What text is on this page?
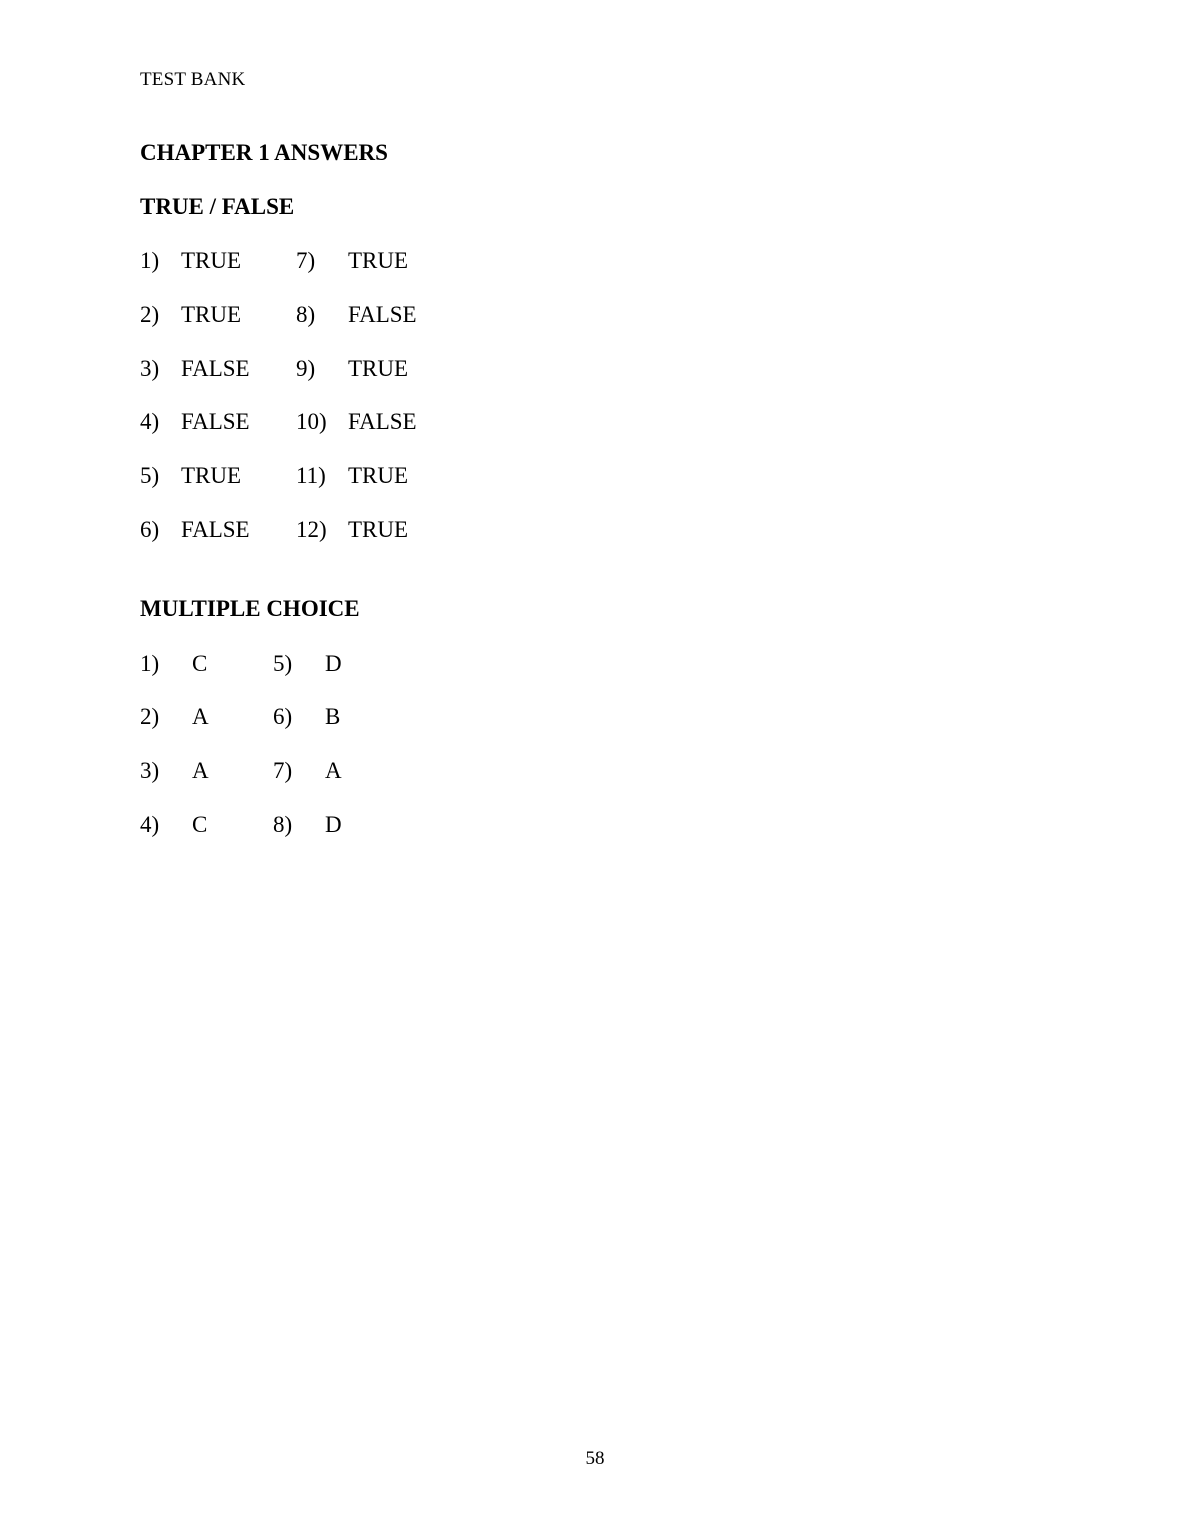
TEST BANK
CHAPTER 1 ANSWERS
TRUE / FALSE
1) TRUE 7) TRUE
2) TRUE 8) FALSE
3) FALSE 9) TRUE
4) FALSE 10) FALSE
5) TRUE 11) TRUE
6) FALSE 12) TRUE
MULTIPLE CHOICE
1) C	5) D
2) A	6) B
3) A	7) A
4) C	8) D
58
